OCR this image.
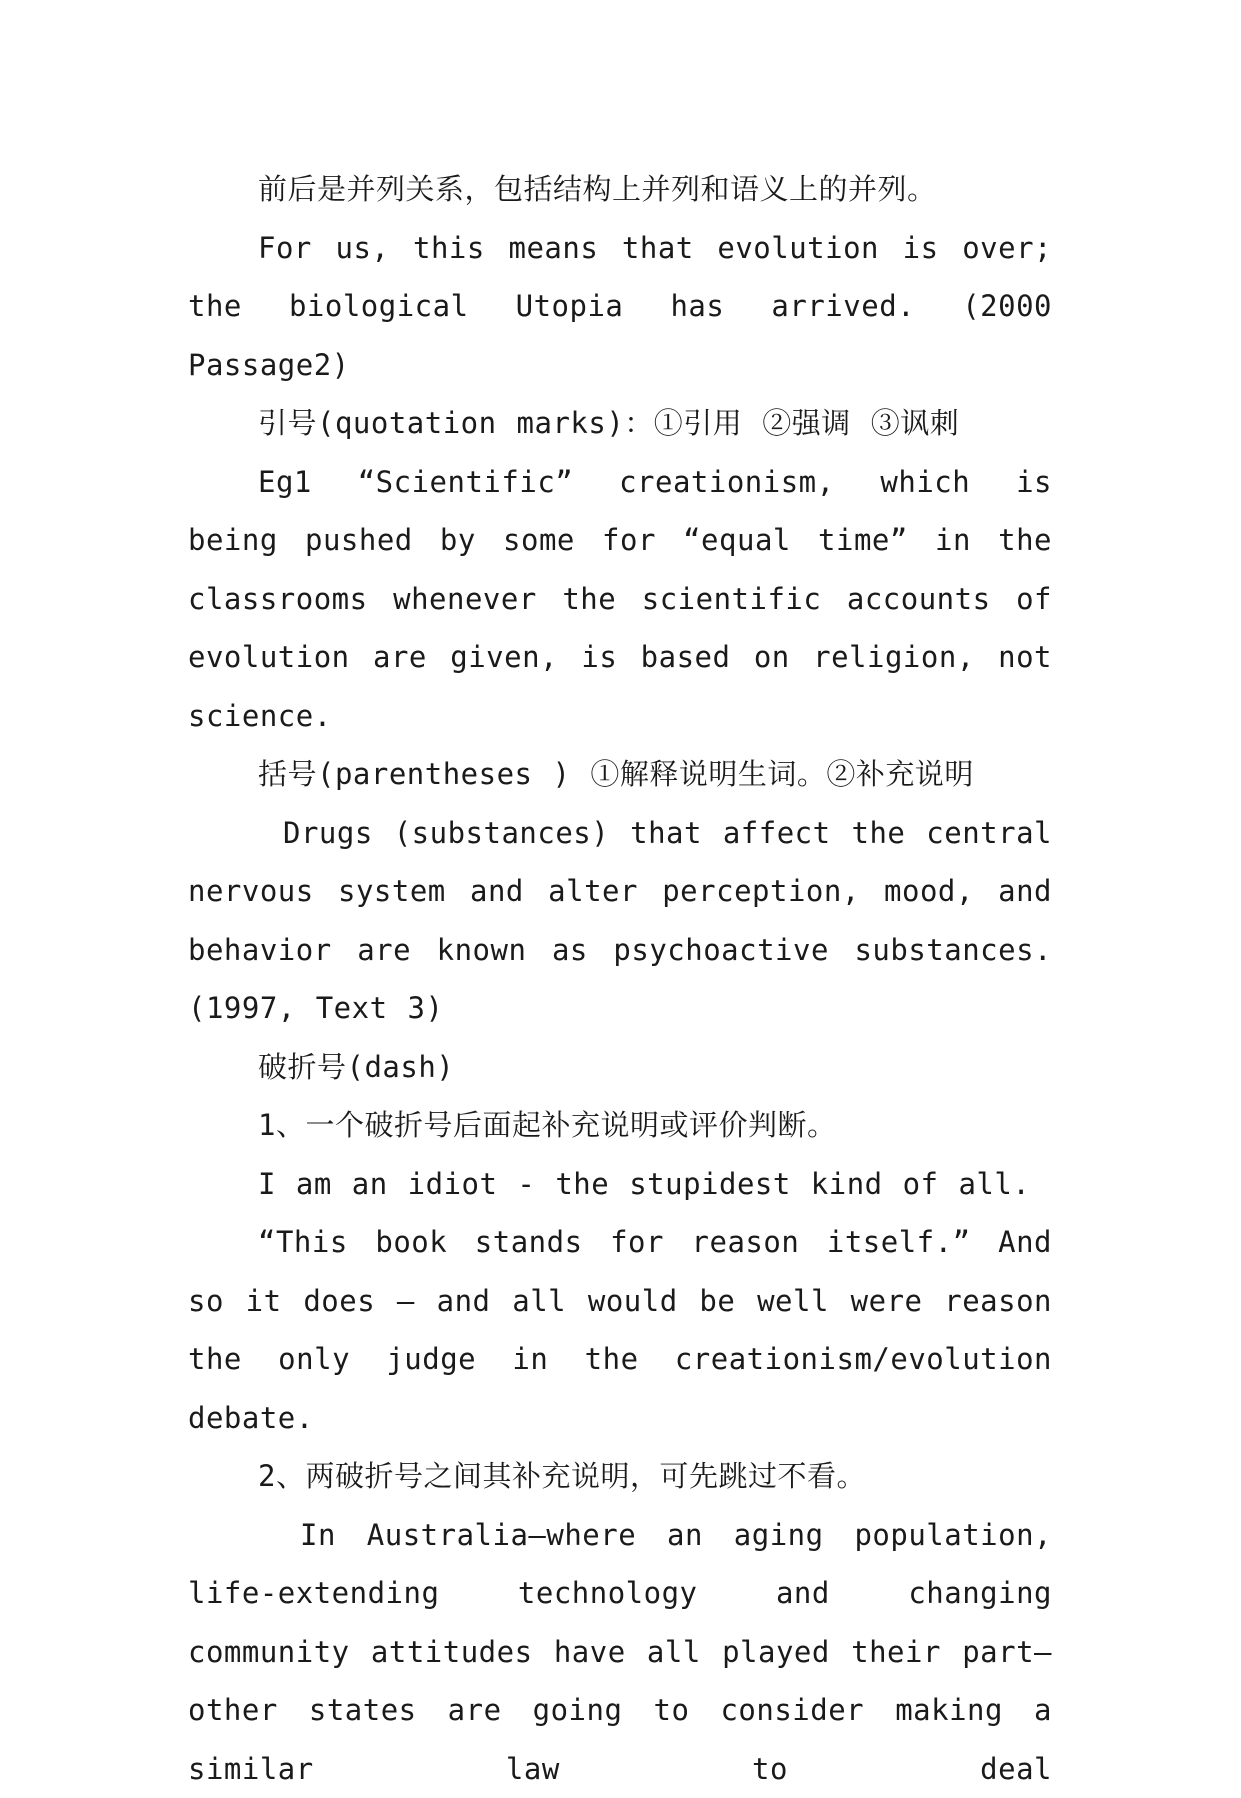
前后是并列关系，包括结构上并列和语义上的并列。

For us, this means that evolution is over; the biological Utopia has arrived. (2000 Passage2)

引号(quotation marks)：①引用 ②强调 ③讽刺

Eg1 “Scientific” creationism, which is being pushed by some for “equal time” in the classrooms whenever the scientific accounts of evolution are given, is based on religion, not science.

括号(parentheses ) ①解释说明生词。②补充说明

Drugs (substances) that affect the central nervous system and alter perception, mood, and behavior are known as psychoactive substances. (1997, Text 3)

破折号(dash)

1、一个破折号后面起补充说明或评价判断。

I am an idiot - the stupidest kind of all.

“This book stands for reason itself.” And so it does — and all would be well were reason the only judge in the creationism/evolution debate.

2、两破折号之间其补充说明，可先跳过不看。

In Australia—where an aging population, life-extending technology and changing community attitudes have all played their part—other states are going to consider making a similar law to deal
